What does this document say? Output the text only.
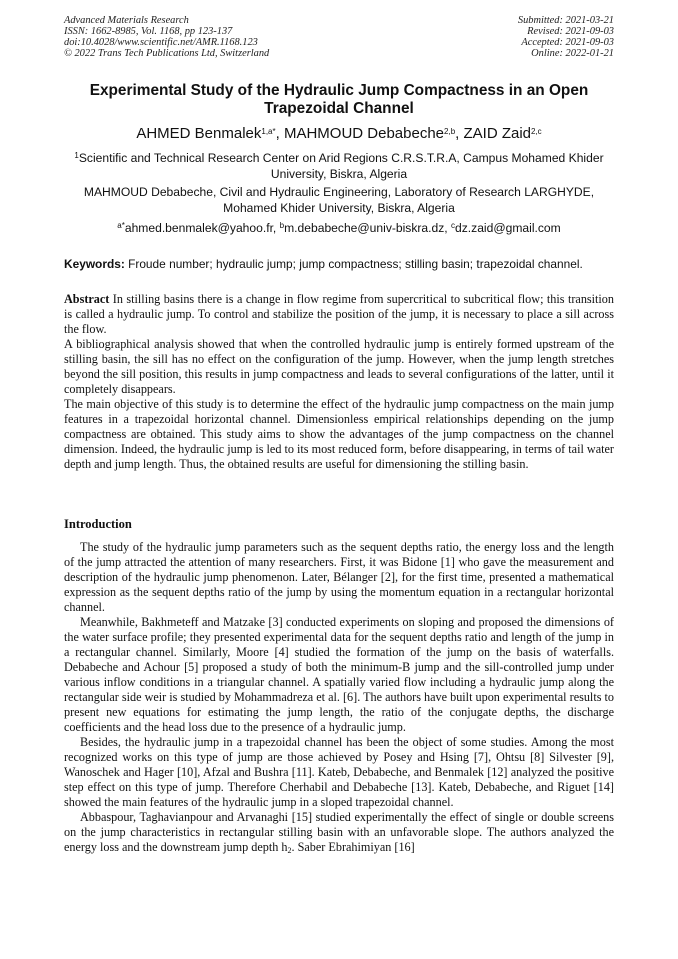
Advanced Materials Research
ISSN: 1662-8985, Vol. 1168, pp 123-137
doi:10.4028/www.scientific.net/AMR.1168.123
© 2022 Trans Tech Publications Ltd, Switzerland
Submitted: 2021-03-21
Revised: 2021-09-03
Accepted: 2021-09-03
Online: 2022-01-21
Experimental Study of the Hydraulic Jump Compactness in an Open Trapezoidal Channel
AHMED Benmalek$^{1,a*}$, MAHMOUD Debabeche$^{2,b}$, ZAID Zaid$^{2,c}$
$^1$Scientific and Technical Research Center on Arid Regions C.R.S.T.R.A, Campus Mohamed Khider University, Biskra, Algeria
MAHMOUD Debabeche, Civil and Hydraulic Engineering, Laboratory of Research LARGHYDE, Mohamed Khider University, Biskra, Algeria
$^{a*}$ahmed.benmalek@yahoo.fr, $^b$m.debabeche@univ-biskra.dz, $^c$dz.zaid@gmail.com
Keywords: Froude number; hydraulic jump; jump compactness; stilling basin; trapezoidal channel.

Abstract In stilling basins there is a change in flow regime from supercritical to subcritical flow; this transition is called a hydraulic jump. To control and stabilize the position of the jump, it is necessary to place a sill across the flow.

A bibliographical analysis showed that when the controlled hydraulic jump is entirely formed upstream of the stilling basin, the sill has no effect on the configuration of the jump. However, when the jump length stretches beyond the sill position, this results in jump compactness and leads to several configurations of the latter, until it completely disappears.

The main objective of this study is to determine the effect of the hydraulic jump compactness on the main jump features in a trapezoidal horizontal channel. Dimensionless empirical relationships depending on the jump compactness are obtained. This study aims to show the advantages of the jump compactness on the channel dimension. Indeed, the hydraulic jump is led to its most reduced form, before disappearing, in terms of tail water depth and jump length. Thus, the obtained results are useful for dimensioning the stilling basin.

Introduction

The study of the hydraulic jump parameters such as the sequent depths ratio, the energy loss and the length of the jump attracted the attention of many researchers. First, it was Bidone [1] who gave the measurement and description of the hydraulic jump phenomenon. Later, Bélanger [2], for the first time, presented a mathematical expression as the sequent depths ratio of the jump by using the momentum equation in a rectangular horizontal channel.

Meanwhile, Bakhmeteff and Matzake [3] conducted experiments on sloping and proposed the dimensions of the water surface profile; they presented experimental data for the sequent depths ratio and length of the jump in a rectangular channel. Similarly, Moore [4] studied the formation of the jump on the basis of waterfalls. Debabeche and Achour [5] proposed a study of both the minimum-B jump and the sill-controlled jump under various inflow conditions in a triangular channel. A spatially varied flow including a hydraulic jump along the rectangular side weir is studied by Mohammadreza et al. [6]. The authors have built upon experimental results to present new equations for estimating the jump length, the ratio of the conjugate depths, the discharge coefficients and the head loss due to the presence of a hydraulic jump.

Besides, the hydraulic jump in a trapezoidal channel has been the object of some studies. Among the most recognized works on this type of jump are those achieved by Posey and Hsing [7], Ohtsu [8] Silvester [9], Wanoschek and Hager [10], Afzal and Bushra [11]. Kateb, Debabeche, and Benmalek [12] analyzed the positive step effect on this type of jump. Therefore Cherhabil and Debabeche [13]. Kateb, Debabeche, and Riguet [14] showed the main features of the hydraulic jump in a sloped trapezoidal channel.

Abbaspour, Taghavianpour and Arvanaghi [15] studied experimentally the effect of single or double screens on the jump characteristics in rectangular stilling basin with an unfavorable slope. The authors analyzed the energy loss and the downstream jump depth h2. Saber Ebrahimiyan [16]
